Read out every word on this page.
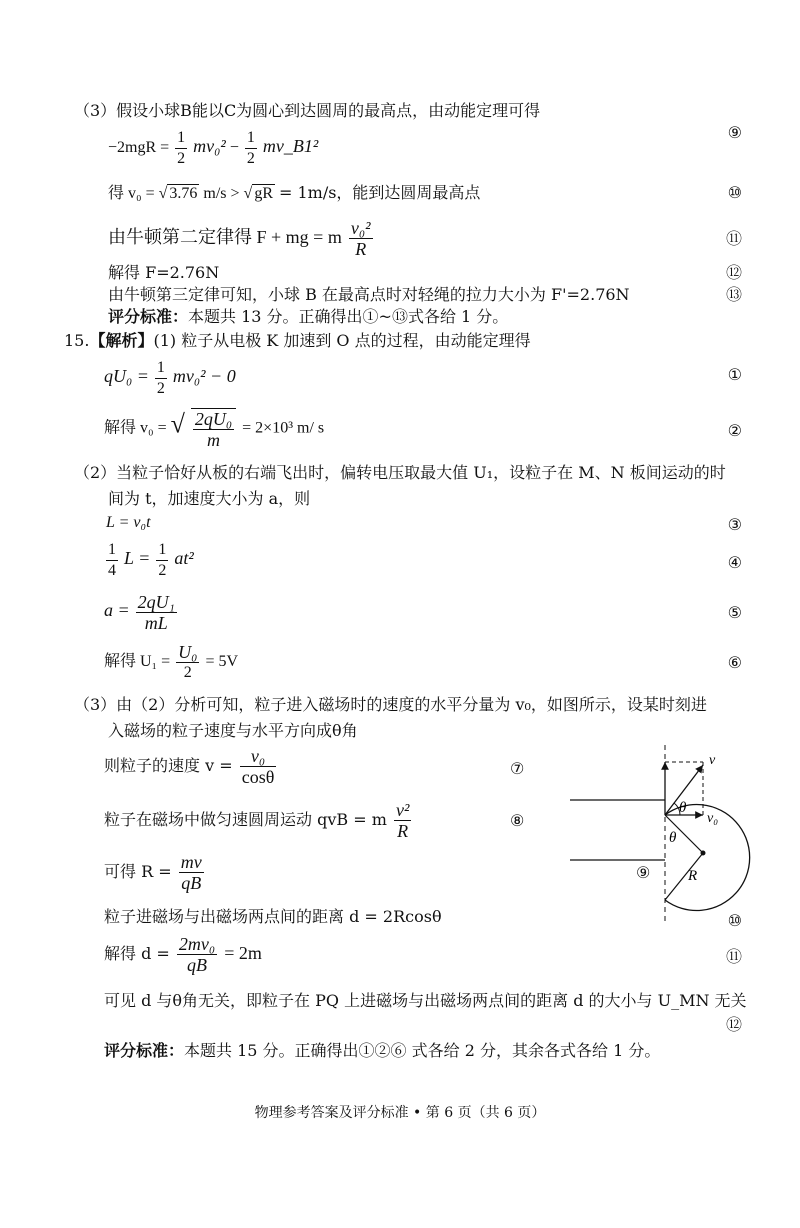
（3）假设小球B能以C为圆心到达圆周的最高点，由动能定理可得
⑨
$-2mgR = \frac{1}{2} mv_0^2 - \frac{1}{2}$ mv_B1²
得 v₀ = √ 3.76 m/s > √ gR = 1m/s，能到达圆周最高点	⑩
由牛顿第二定律得 F + mg = m $\frac{\text{v₀²}}{R}$	⑪
解得 F=2.76N	⑫
由牛顿第三定律可知，小球 B 在最高点时对轻绳的拉力大小为 F'=2.76N	⑬
评分标准：本题共 13 分。正确得出①~⑬式各给 1 分。
15.【解析】(1) 粒子从电极 K 加速到 O 点的过程，由动能定理得
$qU_0 = \frac{1}{2} mv_0^2 - 0$	①
解得 v₀ = √ $\frac{\text{2qU₀}}{m} = 2\times 10^3$ m/ s	②
（2）当粒子恰好从板的右端飞出时，偏转电压取最大值 U₁，设粒子在 M、N 板间运动的时
间为 t，加速度大小为 a，则
L = v₀t	③
$\frac{1}{4}$ $L = \frac{1}{2} at^2$	④
$a = \frac{\text{2qU₁}}{mL}$	⑤
解得 $U_1 = \frac{\text{U₀}}{2} = 5V$	⑥
（3）由（2）分析可知，粒子进入磁场时的速度的水平分量为 v₀，如图所示，设某时刻进
入磁场的粒子速度与水平方向成θ角
则粒子的速度 $v = \frac{\text{v₀}}{\cos\theta}$	⑦
粒子在磁场中做匀速圆周运动 qvB = m $\frac{\text{v²}}{R}$	⑧
可得 $R = \frac{mv}{qB}$
粒子进磁场与出磁场两点间的距离 d = 2Rcosθ	⑩
解得 $d = \frac{\text{2mv₀}}{qB} = 2m$	⑪
可见 d 与θ角无关，即粒子在 PQ 上进磁场与出磁场两点间的距离 d 的大小与 U_MN 无关
⑫
评分标准：本题共 15 分。正确得出①②⑥ 式各给 2 分，其余各式各给 1 分。
v
v₀
θ
θ
R
⑨
物理参考答案及评分标准 • 第 6 页（共 6 页）
